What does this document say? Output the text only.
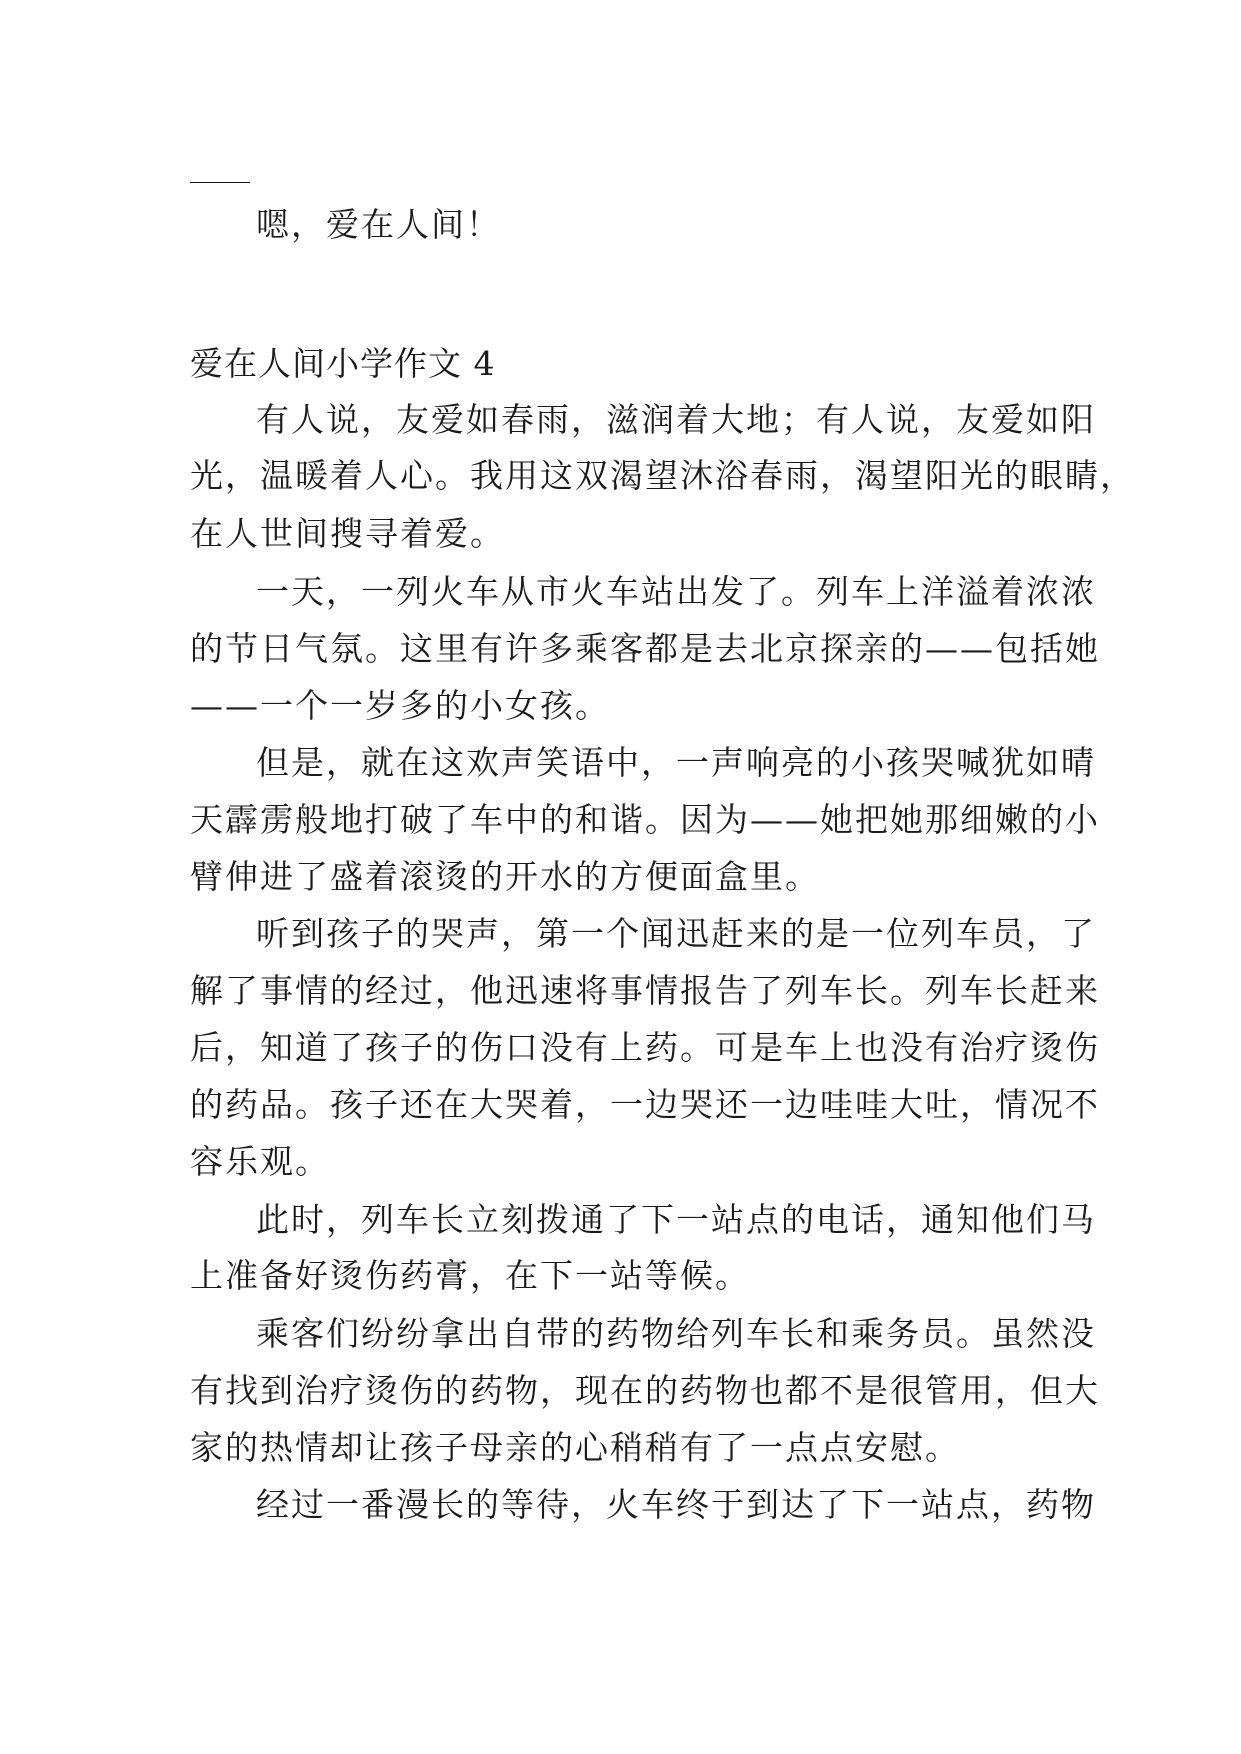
嗯，爱在人间！
爱在人间小学作文 4
有人说，友爱如春雨，滋润着大地；有人说，友爱如阳
光，温暖着人心。我用这双渴望沐浴春雨，渴望阳光的眼睛，
在人世间搜寻着爱。
一天，一列火车从市火车站出发了。列车上洋溢着浓浓
的节日气氛。这里有许多乘客都是去北京探亲的——包括她
——一个一岁多的小女孩。
但是，就在这欢声笑语中，一声响亮的小孩哭喊犹如晴
天霹雳般地打破了车中的和谐。因为——她把她那细嫩的小
臂伸进了盛着滚烫的开水的方便面盒里。
听到孩子的哭声，第一个闻迅赶来的是一位列车员，了
解了事情的经过，他迅速将事情报告了列车长。列车长赶来
后，知道了孩子的伤口没有上药。可是车上也没有治疗烫伤
的药品。孩子还在大哭着，一边哭还一边哇哇大吐，情况不
容乐观。
此时，列车长立刻拨通了下一站点的电话，通知他们马
上准备好烫伤药膏，在下一站等候。
乘客们纷纷拿出自带的药物给列车长和乘务员。虽然没
有找到治疗烫伤的药物，现在的药物也都不是很管用，但大
家的热情却让孩子母亲的心稍稍有了一点点安慰。
经过一番漫长的等待，火车终于到达了下一站点，药物
